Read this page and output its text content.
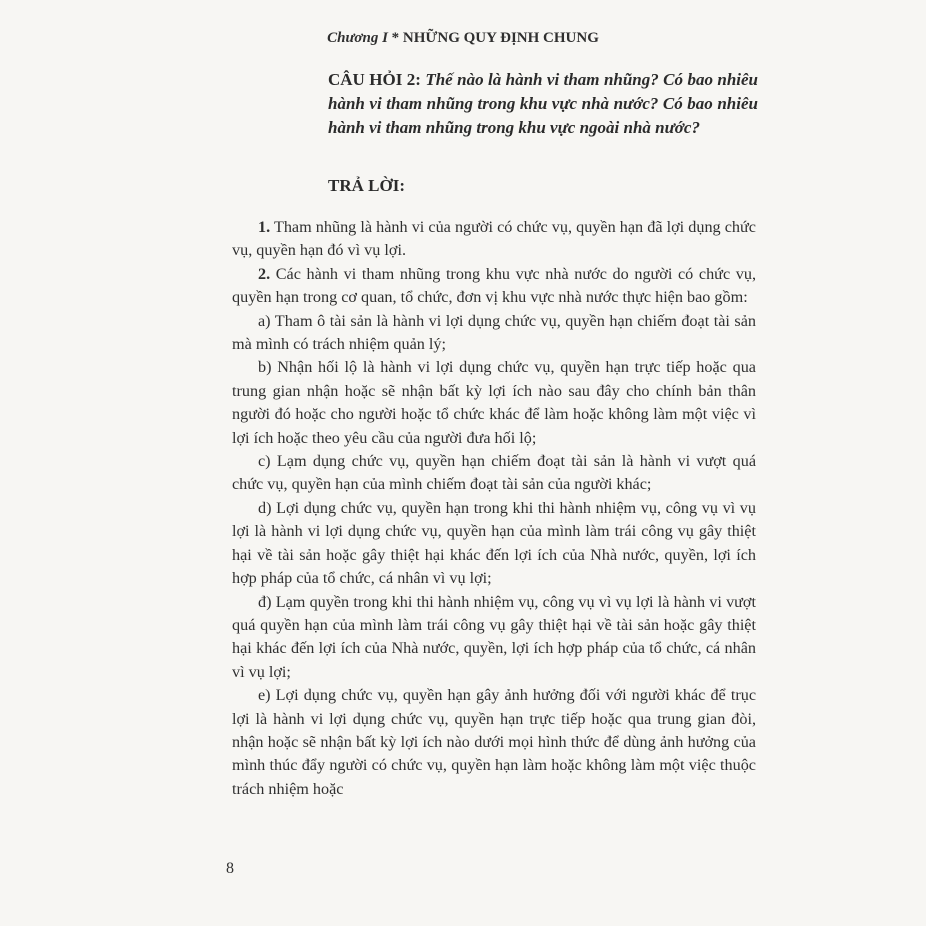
Chương I * NHỮNG QUY ĐỊNH CHUNG
CÂU HỎI 2: Thế nào là hành vi tham nhũng? Có bao nhiêu hành vi tham nhũng trong khu vực nhà nước? Có bao nhiêu hành vi tham nhũng trong khu vực ngoài nhà nước?
TRẢ LỜI:

1. Tham nhũng là hành vi của người có chức vụ, quyền hạn đã lợi dụng chức vụ, quyền hạn đó vì vụ lợi.

2. Các hành vi tham nhũng trong khu vực nhà nước do người có chức vụ, quyền hạn trong cơ quan, tổ chức, đơn vị khu vực nhà nước thực hiện bao gồm:

a) Tham ô tài sản là hành vi lợi dụng chức vụ, quyền hạn chiếm đoạt tài sản mà mình có trách nhiệm quản lý;

b) Nhận hối lộ là hành vi lợi dụng chức vụ, quyền hạn trực tiếp hoặc qua trung gian nhận hoặc sẽ nhận bất kỳ lợi ích nào sau đây cho chính bản thân người đó hoặc cho người hoặc tổ chức khác để làm hoặc không làm một việc vì lợi ích hoặc theo yêu cầu của người đưa hối lộ;

c) Lạm dụng chức vụ, quyền hạn chiếm đoạt tài sản là hành vi vượt quá chức vụ, quyền hạn của mình chiếm đoạt tài sản của người khác;

d) Lợi dụng chức vụ, quyền hạn trong khi thi hành nhiệm vụ, công vụ vì vụ lợi là hành vi lợi dụng chức vụ, quyền hạn của mình làm trái công vụ gây thiệt hại về tài sản hoặc gây thiệt hại khác đến lợi ích của Nhà nước, quyền, lợi ích hợp pháp của tổ chức, cá nhân vì vụ lợi;

đ) Lạm quyền trong khi thi hành nhiệm vụ, công vụ vì vụ lợi là hành vi vượt quá quyền hạn của mình làm trái công vụ gây thiệt hại về tài sản hoặc gây thiệt hại khác đến lợi ích của Nhà nước, quyền, lợi ích hợp pháp của tổ chức, cá nhân vì vụ lợi;

e) Lợi dụng chức vụ, quyền hạn gây ảnh hưởng đối với người khác để trục lợi là hành vi lợi dụng chức vụ, quyền hạn trực tiếp hoặc qua trung gian đòi, nhận hoặc sẽ nhận bất kỳ lợi ích nào dưới mọi hình thức để dùng ảnh hưởng của mình thúc đẩy người có chức vụ, quyền hạn làm hoặc không làm một việc thuộc trách nhiệm hoặc

8
